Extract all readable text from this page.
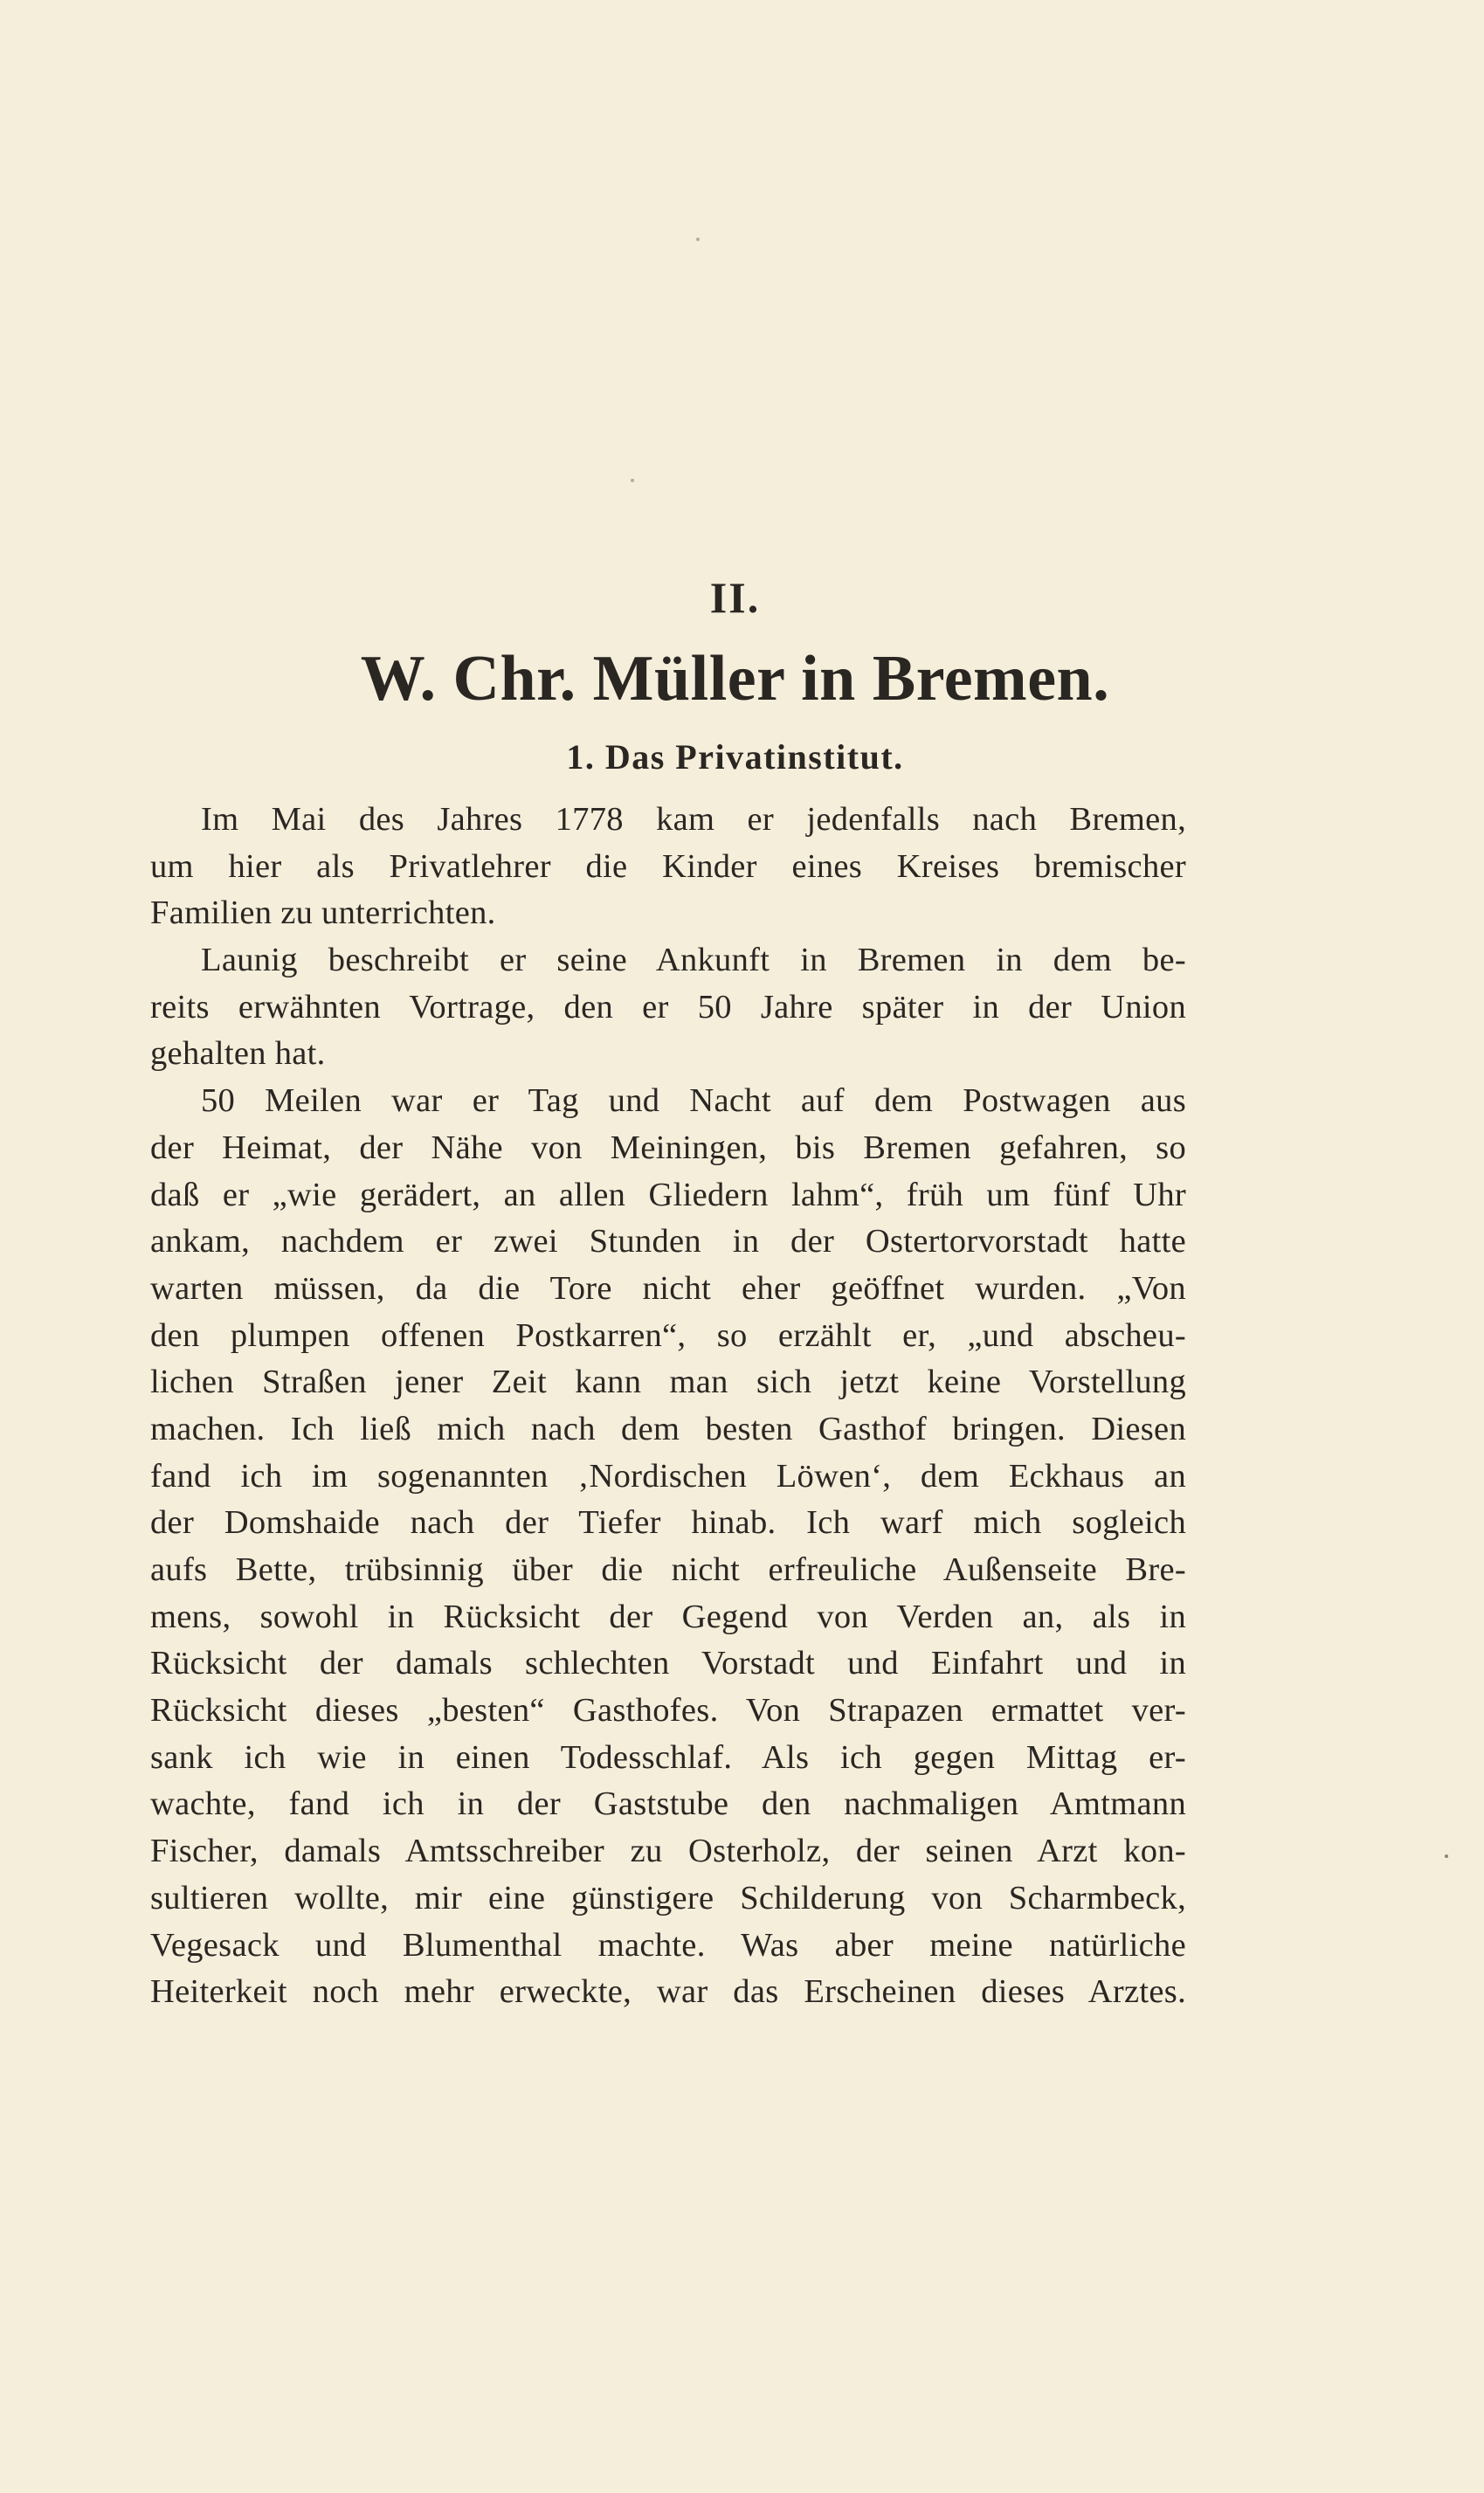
II.
W. Chr. Müller in Bremen.
1. Das Privatinstitut.
Im Mai des Jahres 1778 kam er jedenfalls nach Bremen,
um hier als Privatlehrer die Kinder eines Kreises bremischer
Familien zu unterrichten.
Launig beschreibt er seine Ankunft in Bremen in dem be-
reits erwähnten Vortrage, den er 50 Jahre später in der Union
gehalten hat.
50 Meilen war er Tag und Nacht auf dem Postwagen aus
der Heimat, der Nähe von Meiningen, bis Bremen gefahren, so
daß er „wie gerädert, an allen Gliedern lahm“, früh um fünf Uhr
ankam, nachdem er zwei Stunden in der Ostertorvorstadt hatte
warten müssen, da die Tore nicht eher geöffnet wurden. „Von
den plumpen offenen Postkarren“, so erzählt er, „und abscheu-
lichen Straßen jener Zeit kann man sich jetzt keine Vorstellung
machen. Ich ließ mich nach dem besten Gasthof bringen. Diesen
fand ich im sogenannten ‚Nordischen Löwen‘, dem Eckhaus an
der Domshaide nach der Tiefer hinab. Ich warf mich sogleich
aufs Bette, trübsinnig über die nicht erfreuliche Außenseite Bre-
mens, sowohl in Rücksicht der Gegend von Verden an, als in
Rücksicht der damals schlechten Vorstadt und Einfahrt und in
Rücksicht dieses „besten“ Gasthofes. Von Strapazen ermattet ver-
sank ich wie in einen Todesschlaf. Als ich gegen Mittag er-
wachte, fand ich in der Gaststube den nachmaligen Amtmann
Fischer, damals Amtsschreiber zu Osterholz, der seinen Arzt kon-
sultieren wollte, mir eine günstigere Schilderung von Scharmbeck,
Vegesack und Blumenthal machte. Was aber meine natürliche
Heiterkeit noch mehr erweckte, war das Erscheinen dieses Arztes.
